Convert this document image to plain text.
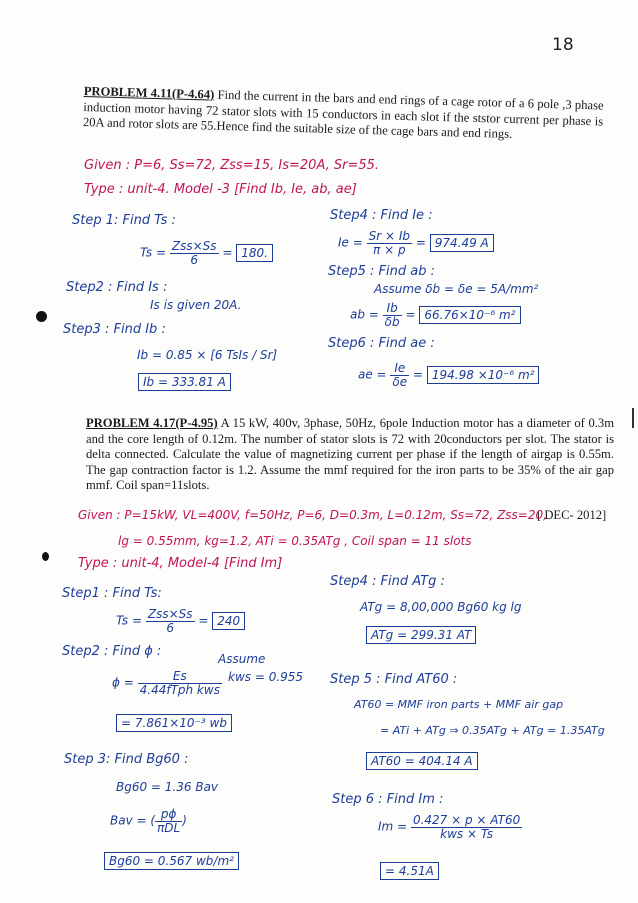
18
PROBLEM 4.11(P-4.64) Find the current in the bars and end rings of a cage rotor of a 6 pole ,3 phase induction motor having 72 stator slots with 15 conductors in each slot if the ststor current per phase is 20A and rotor slots are 55.Hence find the suitable size of the cage bars and end rings.
Given : P=6, Ss=72, Zss=15, Is=20A, Sr=55.
Type : unit-4. Model -3 [Find Ib, Ie, ab, ae]
Step 1: Find Ts :
$Ts = \frac{\text{Zss×Ss}}{6} = 180$.
Step2 : Find Is :
Is is given 20A.
Step3 : Find Ib :
Ib = 0.85 × [6 TsIs / Sr]
Ib = 333.81 A
Step4 : Find Ie :
$Ie = \frac{Sr \times Ib}{\pi \times p} = 974.49$ A
Step5 : Find ab :
Assume δb = δe = 5A/mm²
ab = $\frac{Ib}{\delta b} = 66.76\times 10^{-6}$ m²
Step6 : Find ae :
ae = $\frac{Ie}{\delta e} = 194.98 \times 10^{-6}$ m²
PROBLEM 4.17(P-4.95) A 15 kW, 400v, 3phase, 50Hz, 6pole Induction motor has a diameter of 0.3m and the core length of 0.12m. The number of stator slots is 72 with 20conductors per slot. The stator is delta connected. Calculate the value of magnetizing current per phase if the length of airgap is 0.55m. The gap contraction factor is 1.2. Assume the mmf required for the iron parts to be 35% of the air gap mmf. Coil span=11slots.
[ DEC- 2012]
Given : P=15kW, VL=400V, f=50Hz, P=6, D=0.3m, L=0.12m, Ss=72, Zss=20,
lg = 0.55mm, kg=1.2, ATi = 0.35ATg , Coil span = 11 slots
Type : unit-4, Model-4 [Find Im]
Step1 : Find Ts:
$Ts = \frac{\text{Zss×Ss}}{6} = 240$
Step2 : Find ϕ :	Assume
kws = 0.955
$\phi = \frac{Es}{\text{4.44fTph kws}}$
= 7.861×10⁻³ wb
Step 3: Find Bg60 :
Bg60 = 1.36 Bav
Bav = ( $\frac{p\phi}{\text{πDL}}$ )
Bg60 = 0.567 wb/m²
Step4 : Find ATg :
ATg = 8,00,000 Bg60 kg lg
ATg = 299.31 AT
Step 5 : Find AT60 :
AT60 = MMF iron parts + MMF air gap
= ATi + ATg ⇒ 0.35ATg + ATg = 1.35ATg
AT60 = 404.14 A
Step 6 : Find Im :
$Im = \frac{0.427 \times p \times AT60}{\text{kws × Ts}}$
= 4.51A
